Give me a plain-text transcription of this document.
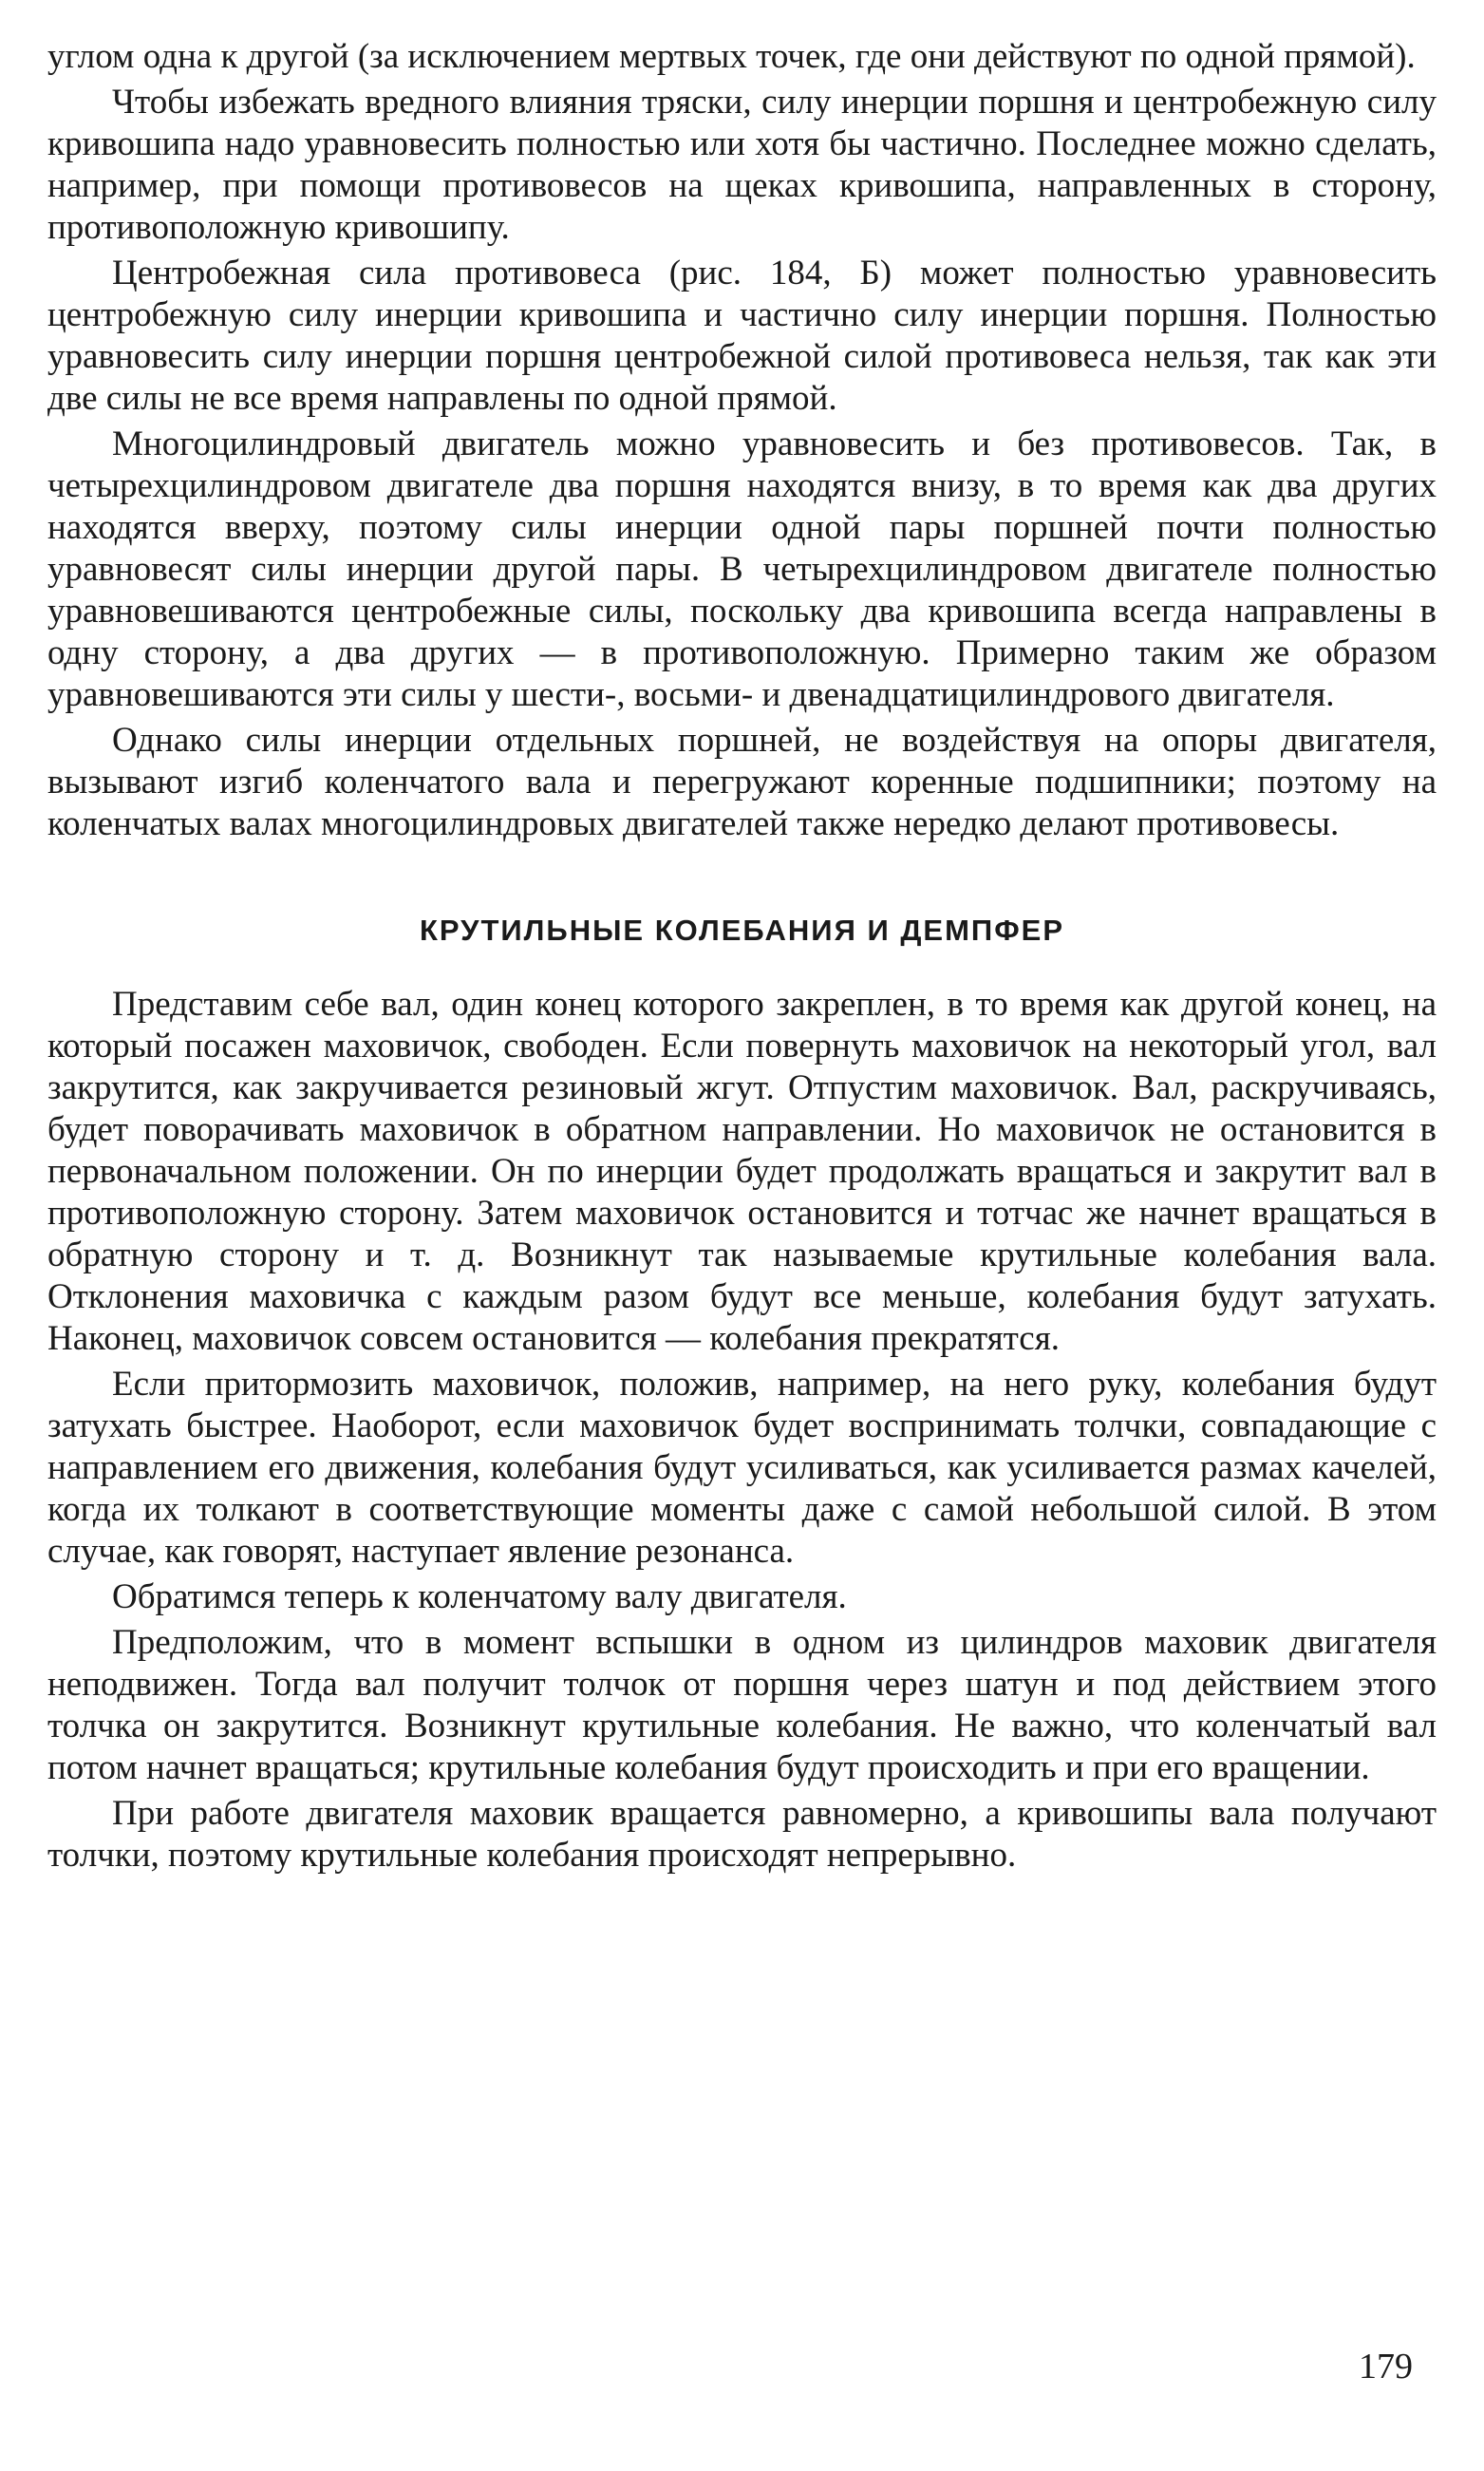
углом одна к другой (за исключением мертвых точек, где они действуют по одной прямой).

Чтобы избежать вредного влияния тряски, силу инерции поршня и центробежную силу кривошипа надо уравновесить полностью или хотя бы частично. Последнее можно сделать, например, при помощи противовесов на щеках кривошипа, направленных в сторону, противоположную кривошипу.

Центробежная сила противовеса (рис. 184, Б) может полностью уравновесить центробежную силу инерции кривошипа и частично силу инерции поршня. Полностью уравновесить силу инерции поршня центробежной силой противовеса нельзя, так как эти две силы не все время направлены по одной прямой.

Многоцилиндровый двигатель можно уравновесить и без противовесов. Так, в четырехцилиндровом двигателе два поршня находятся внизу, в то время как два других находятся вверху, поэтому силы инерции одной пары поршней почти полностью уравновесят силы инерции другой пары. В четырехцилиндровом двигателе полностью уравновешиваются центробежные силы, поскольку два кривошипа всегда направлены в одну сторону, а два других — в противоположную. Примерно таким же образом уравновешиваются эти силы у шести-, восьми- и двенадцатицилиндрового двигателя.

Однако силы инерции отдельных поршней, не воздействуя на опоры двигателя, вызывают изгиб коленчатого вала и перегружают коренные подшипники; поэтому на коленчатых валах многоцилиндровых двигателей также нередко делают противовесы.

КРУТИЛЬНЫЕ КОЛЕБАНИЯ И ДЕМПФЕР

Представим себе вал, один конец которого закреплен, в то время как другой конец, на который посажен маховичок, свободен. Если повернуть маховичок на некоторый угол, вал закрутится, как закручивается резиновый жгут. Отпустим маховичок. Вал, раскручиваясь, будет поворачивать маховичок в обратном направлении. Но маховичок не остановится в первоначальном положении. Он по инерции будет продолжать вращаться и закрутит вал в противоположную сторону. Затем маховичок остановится и тотчас же начнет вращаться в обратную сторону и т. д. Возникнут так называемые крутильные колебания вала. Отклонения маховичка с каждым разом будут все меньше, колебания будут затухать. Наконец, маховичок совсем остановится — колебания прекратятся.

Если притормозить маховичок, положив, например, на него руку, колебания будут затухать быстрее. Наоборот, если маховичок будет воспринимать толчки, совпадающие с направлением его движения, колебания будут усиливаться, как усиливается размах качелей, когда их толкают в соответствующие моменты даже с самой небольшой силой. В этом случае, как говорят, наступает явление резонанса.

Обратимся теперь к коленчатому валу двигателя.

Предположим, что в момент вспышки в одном из цилиндров маховик двигателя неподвижен. Тогда вал получит толчок от поршня через шатун и под действием этого толчка он закрутится. Возникнут крутильные колебания. Не важно, что коленчатый вал потом начнет вращаться; крутильные колебания будут происходить и при его вращении.

При работе двигателя маховик вращается равномерно, а кривошипы вала получают толчки, поэтому крутильные колебания происходят непрерывно.

179
